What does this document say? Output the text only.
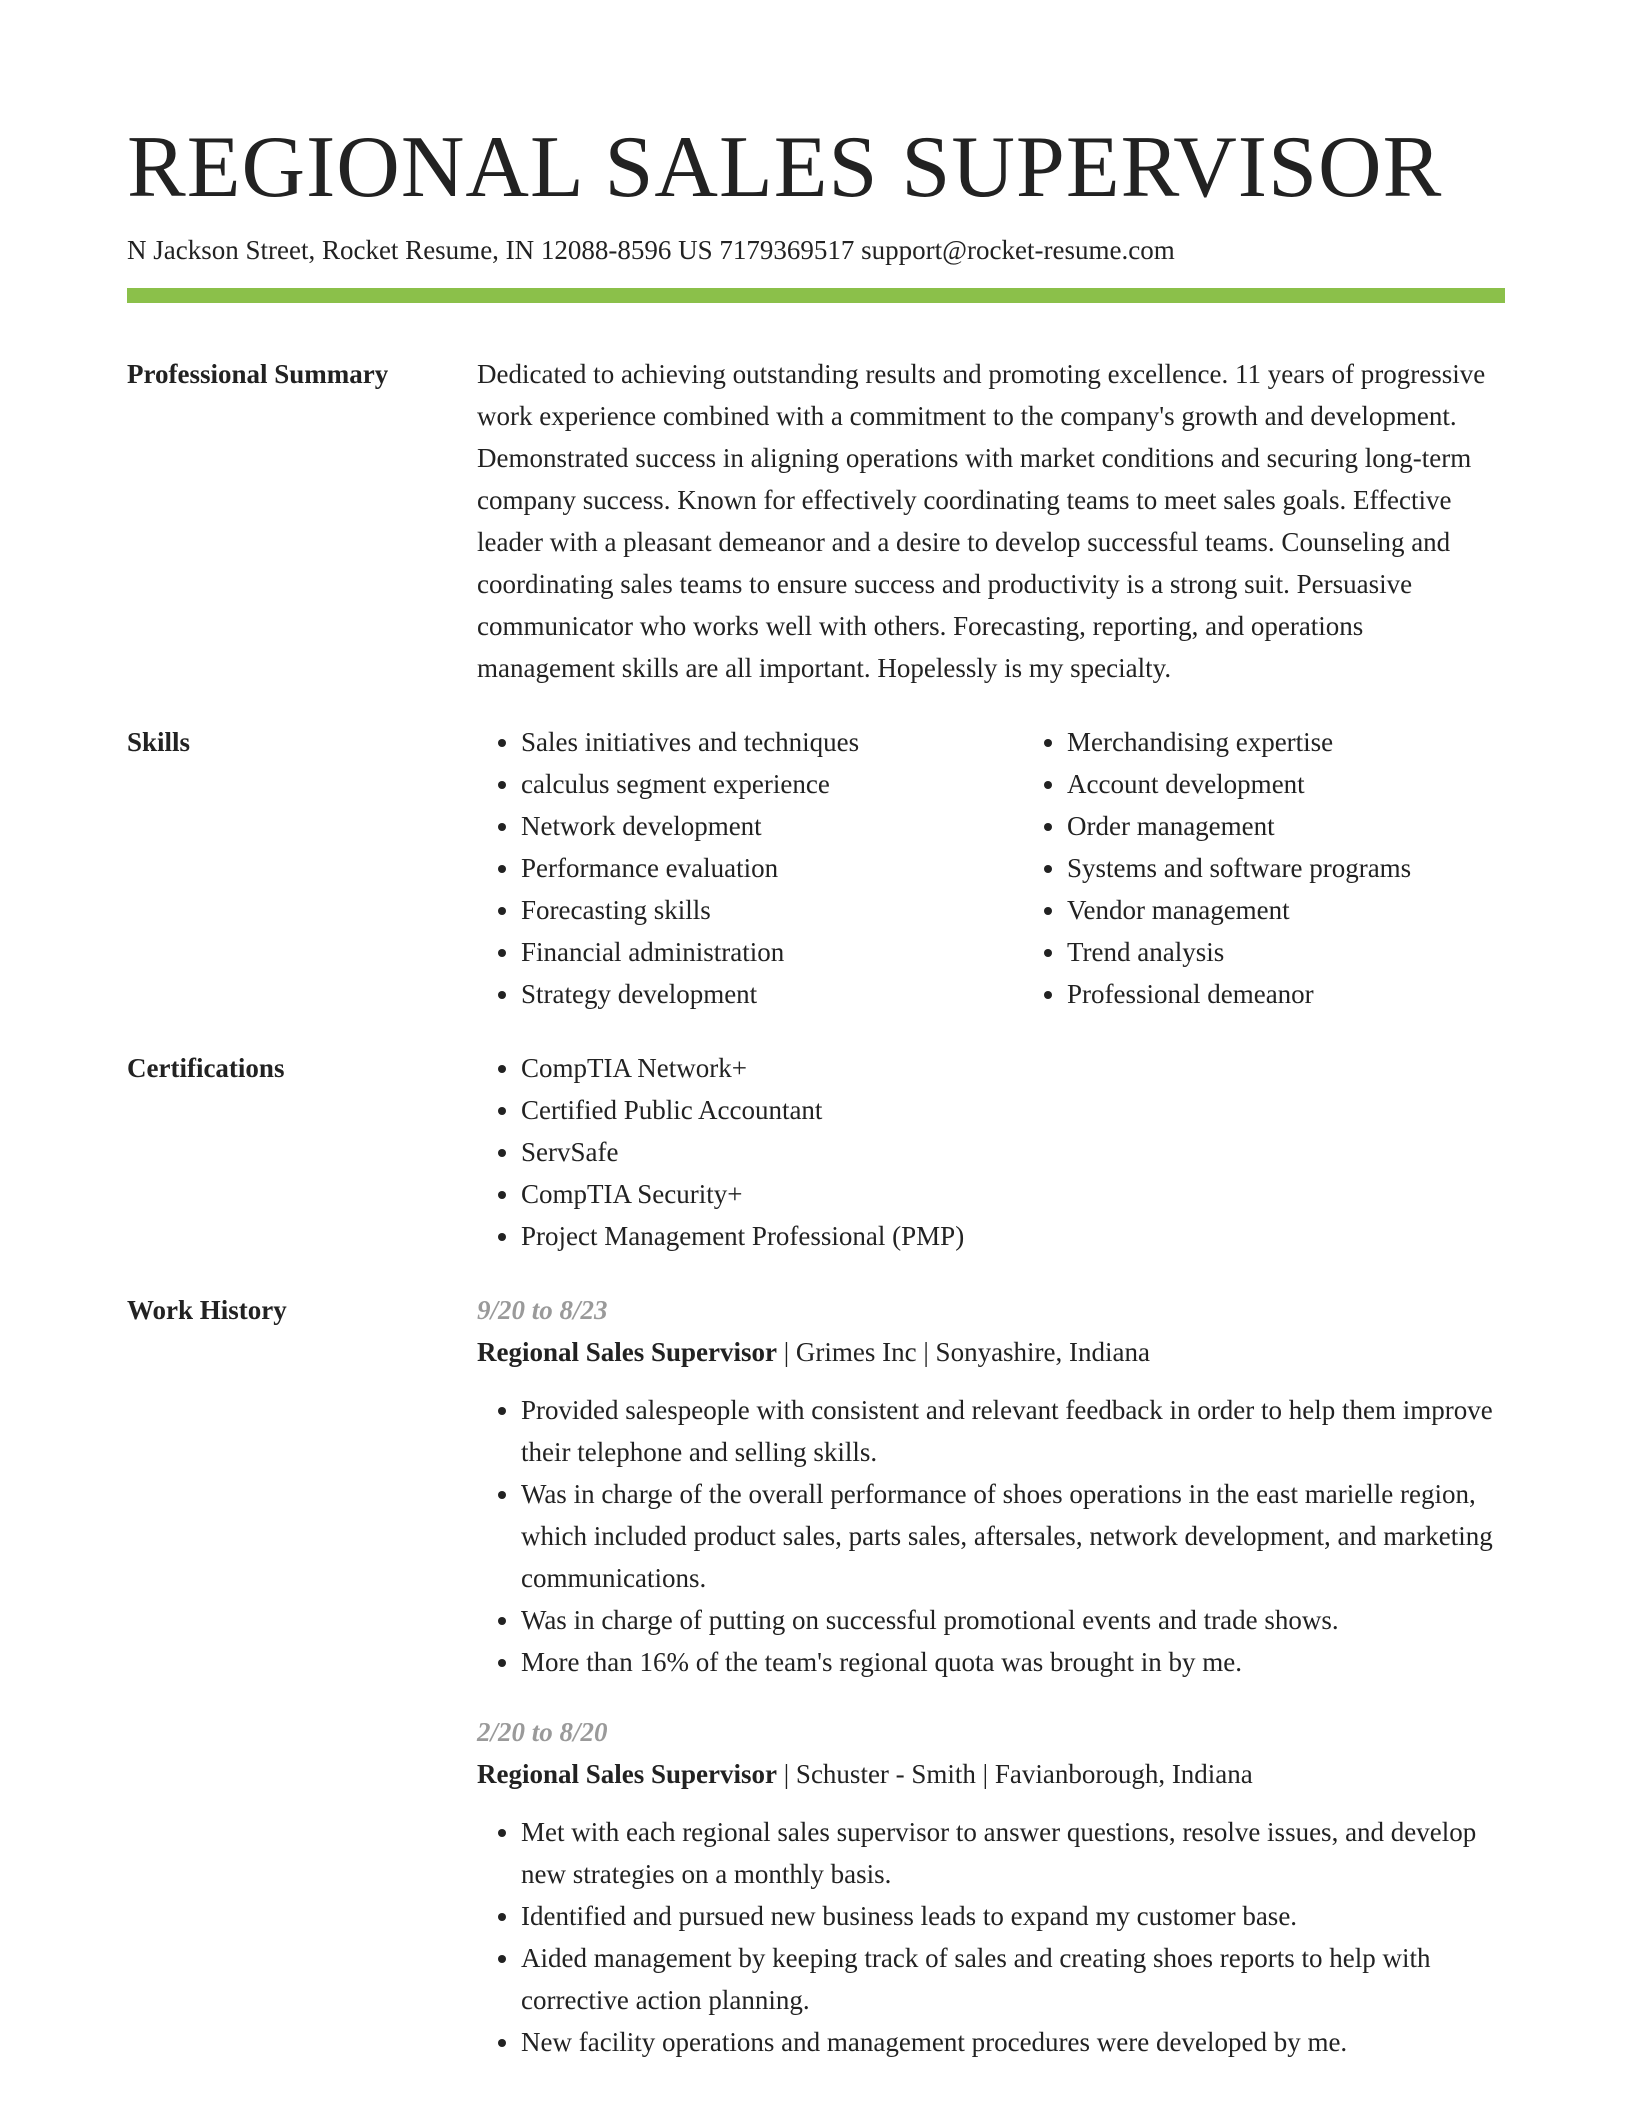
REGIONAL SALES SUPERVISOR
N Jackson Street, Rocket Resume, IN 12088-8596 US 7179369517 support@rocket-resume.com
Professional Summary	Dedicated to achieving outstanding results and promoting excellence. 11 years of progressive work experience combined with a commitment to the company's growth and development. Demonstrated success in aligning operations with market conditions and securing long-term company success. Known for effectively coordinating teams to meet sales goals. Effective leader with a pleasant demeanor and a desire to develop successful teams. Counseling and coordinating sales teams to ensure success and productivity is a strong suit. Persuasive communicator who works well with others. Forecasting, reporting, and operations management skills are all important. Hopelessly is my specialty.

Skills	• Sales initiatives and techniques
• calculus segment experience
• Network development
• Performance evaluation
• Forecasting skills
• Financial administration
• Strategy development
• Merchandising expertise
• Account development
• Order management
• Systems and software programs
• Vendor management
• Trend analysis
• Professional demeanor
Certifications	• CompTIA Network+
• Certified Public Accountant
• ServSafe
• CompTIA Security+
• Project Management Professional (PMP)
Work History	9/20 to 8/23
Regional Sales Supervisor | Grimes Inc | Sonyashire, Indiana
• Provided salespeople with consistent and relevant feedback in order to help them improve their telephone and selling skills.
• Was in charge of the overall performance of shoes operations in the east marielle region, which included product sales, parts sales, aftersales, network development, and marketing communications.
• Was in charge of putting on successful promotional events and trade shows.
• More than 16% of the team's regional quota was brought in by me.
2/20 to 8/20
Regional Sales Supervisor | Schuster - Smith | Favianborough, Indiana
• Met with each regional sales supervisor to answer questions, resolve issues, and develop new strategies on a monthly basis.
• Identified and pursued new business leads to expand my customer base.
• Aided management by keeping track of sales and creating shoes reports to help with corrective action planning.
• New facility operations and management procedures were developed by me.
